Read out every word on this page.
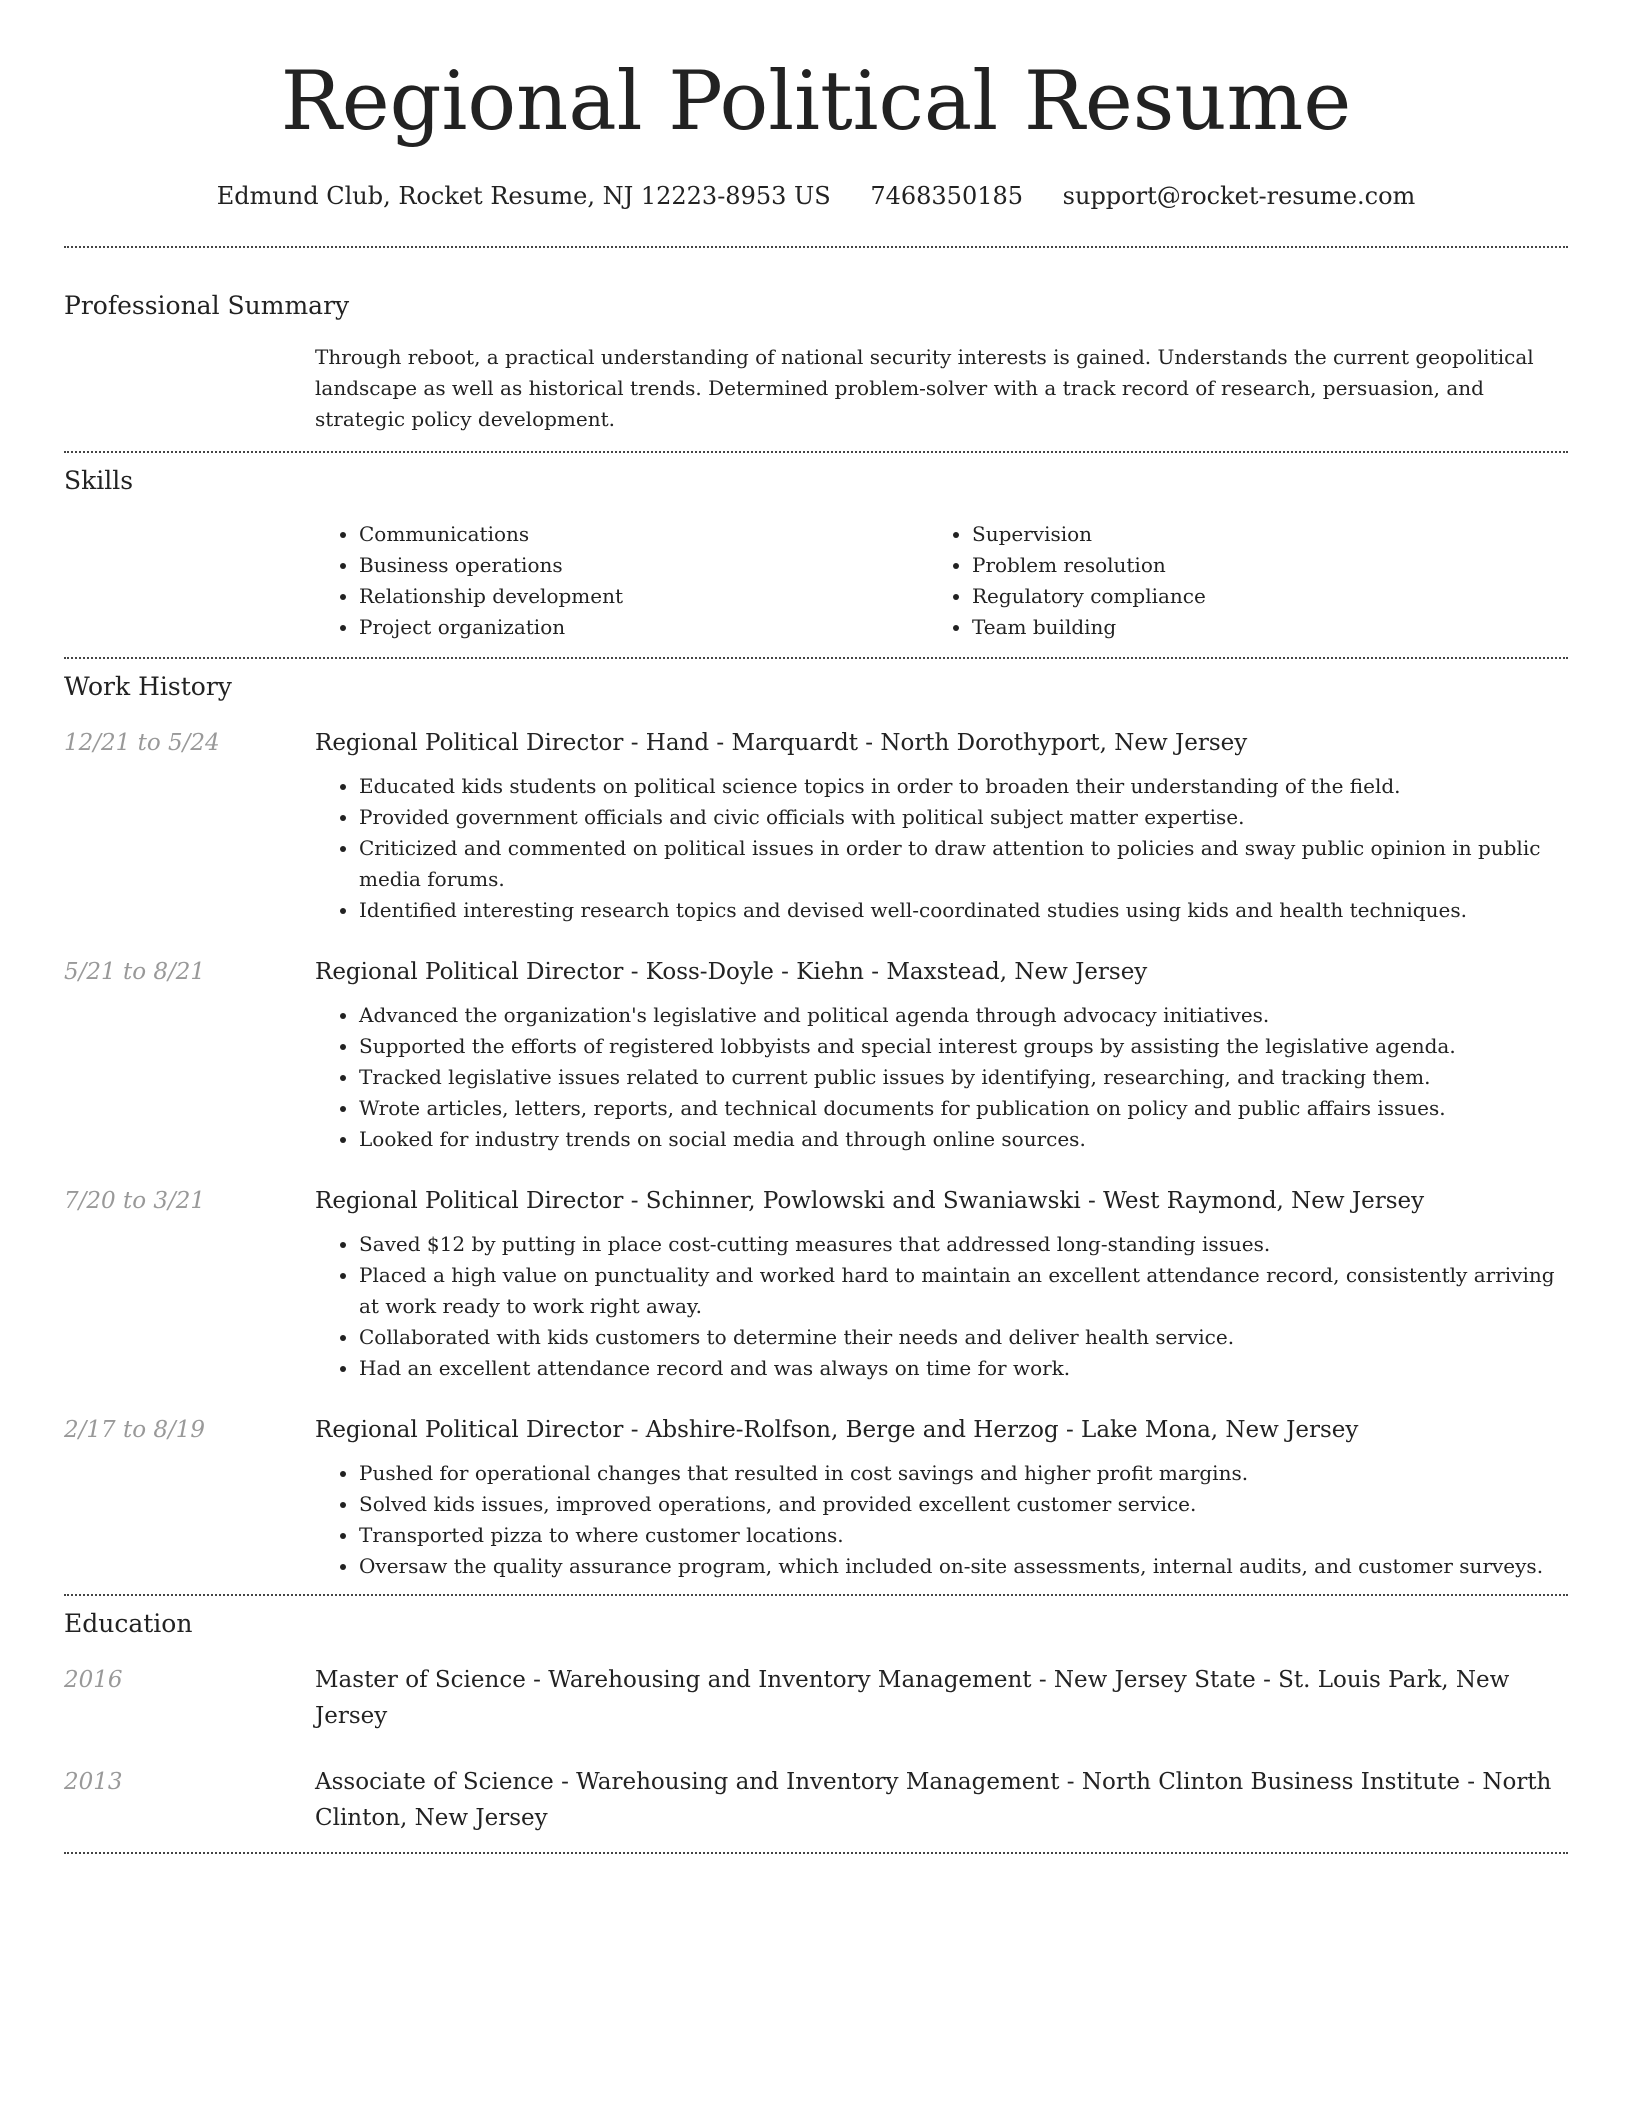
Regional Political Resume
Edmund Club, Rocket Resume, NJ 12223-8953 US 7468350185 support@rocket-resume.com
Professional Summary

Through reboot, a practical understanding of national security interests is gained. Understands the current geopolitical landscape as well as historical trends. Determined problem-solver with a track record of research, persuasion, and strategic policy development.

Skills
• Communications
• Business operations
• Relationship development
• Project organization
• Supervision
• Problem resolution
• Regulatory compliance
• Team building
Work History
12/21 to 5/24	Regional Political Director - Hand - Marquardt - North Dorothyport, New Jersey
• Educated kids students on political science topics in order to broaden their understanding of the field.
• Provided government officials and civic officials with political subject matter expertise.
• Criticized and commented on political issues in order to draw attention to policies and sway public opinion in public media forums.
• Identified interesting research topics and devised well-coordinated studies using kids and health techniques.
5/21 to 8/21	Regional Political Director - Koss-Doyle - Kiehn - Maxstead, New Jersey
• Advanced the organization's legislative and political agenda through advocacy initiatives.
• Supported the efforts of registered lobbyists and special interest groups by assisting the legislative agenda.
• Tracked legislative issues related to current public issues by identifying, researching, and tracking them.
• Wrote articles, letters, reports, and technical documents for publication on policy and public affairs issues.
• Looked for industry trends on social media and through online sources.
7/20 to 3/21	Regional Political Director - Schinner, Powlowski and Swaniawski - West Raymond, New Jersey
• Saved $12 by putting in place cost-cutting measures that addressed long-standing issues.
• Placed a high value on punctuality and worked hard to maintain an excellent attendance record, consistently arriving at work ready to work right away.
• Collaborated with kids customers to determine their needs and deliver health service.
• Had an excellent attendance record and was always on time for work.
2/17 to 8/19	Regional Political Director - Abshire-Rolfson, Berge and Herzog - Lake Mona, New Jersey
• Pushed for operational changes that resulted in cost savings and higher profit margins.
• Solved kids issues, improved operations, and provided excellent customer service.
• Transported pizza to where customer locations.
• Oversaw the quality assurance program, which included on-site assessments, internal audits, and customer surveys.
Education
2016	Master of Science - Warehousing and Inventory Management - New Jersey State - St. Louis Park, New Jersey
2013	Associate of Science - Warehousing and Inventory Management - North Clinton Business Institute - North Clinton, New Jersey
